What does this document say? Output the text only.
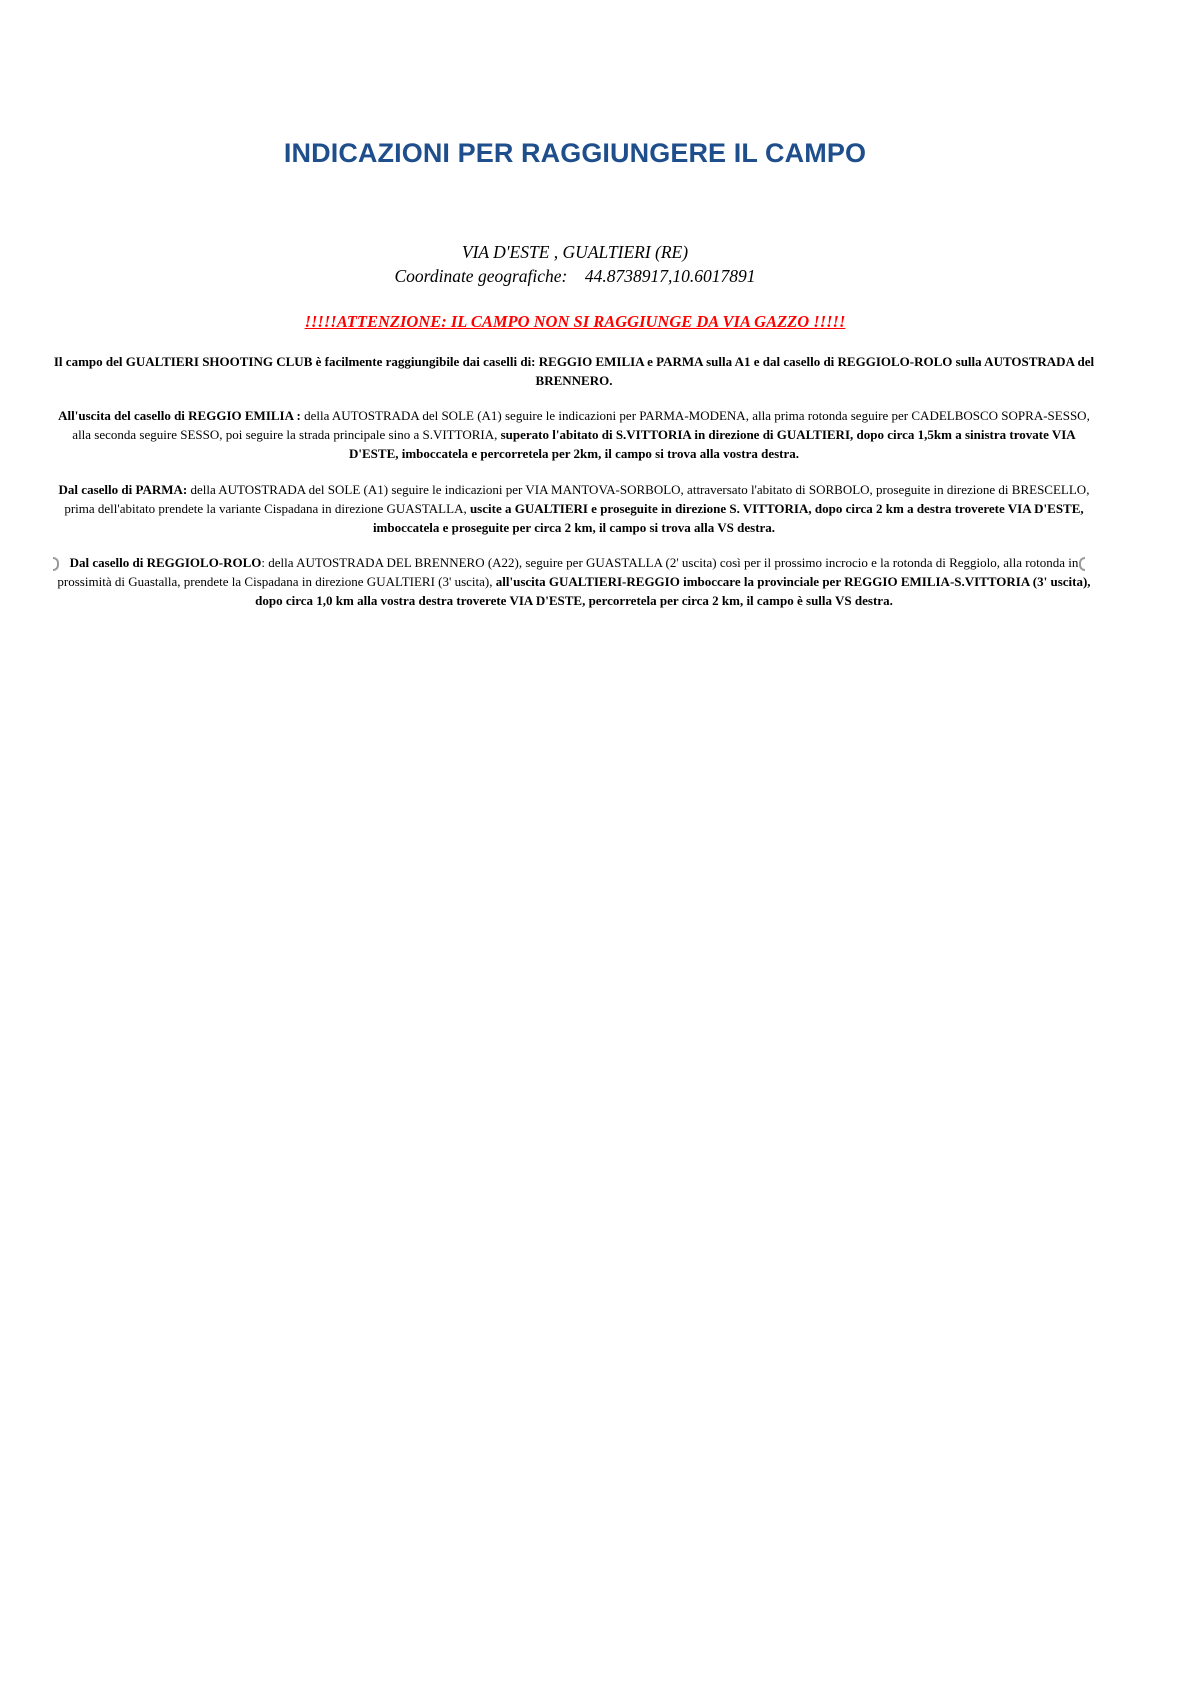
INDICAZIONI PER RAGGIUNGERE IL CAMPO
VIA D'ESTE , GUALTIERI (RE)
Coordinate geografiche: 44.8738917,10.6017891
!!!!!ATTENZIONE: IL CAMPO NON SI RAGGIUNGE DA VIA GAZZO !!!!!
Il campo del GUALTIERI SHOOTING CLUB è facilmente raggiungibile dai caselli di: REGGIO EMILIA e PARMA sulla A1 e dal casello di REGGIOLO-ROLO sulla AUTOSTRADA del BRENNERO.
All'uscita del casello di REGGIO EMILIA : della AUTOSTRADA del SOLE (A1) seguire le indicazioni per PARMA-MODENA, alla prima rotonda seguire per CADELBOSCO SOPRA-SESSO, alla seconda seguire SESSO, poi seguire la strada principale sino a S.VITTORIA, superato l'abitato di S.VITTORIA in direzione di GUALTIERI, dopo circa 1,5km a sinistra trovate VIA D'ESTE, imboccatela e percorretela per 2km, il campo si trova alla vostra destra.
Dal casello di PARMA: della AUTOSTRADA del SOLE (A1) seguire le indicazioni per VIA MANTOVA-SORBOLO, attraversato l'abitato di SORBOLO, proseguite in direzione di BRESCELLO, prima dell'abitato prendete la variante Cispadana in direzione GUASTALLA, uscite a GUALTIERI e proseguite in direzione S. VITTORIA, dopo circa 2 km a destra troverete VIA D'ESTE, imboccatela e proseguite per circa 2 km, il campo si trova alla VS destra.
Dal casello di REGGIOLO-ROLO: della AUTOSTRADA DEL BRENNERO (A22), seguire per GUASTALLA (2' uscita) così per il prossimo incrocio e la rotonda di Reggiolo, alla rotonda in prossimità di Guastalla, prendete la Cispadana in direzione GUALTIERI (3' uscita), all'uscita GUALTIERI-REGGIO imboccare la provinciale per REGGIO EMILIA-S.VITTORIA (3' uscita), dopo circa 1,0 km alla vostra destra troverete VIA D'ESTE, percorretela per circa 2 km, il campo è sulla VS destra.
